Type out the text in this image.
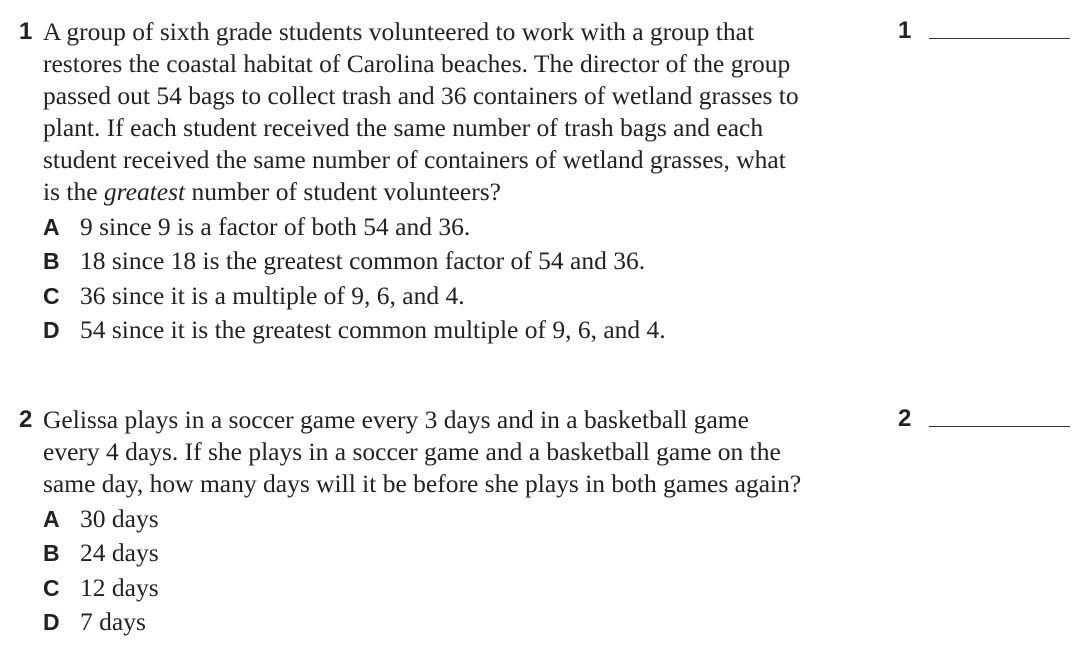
1 A group of sixth grade students volunteered to work with a group that
restores the coastal habitat of Carolina beaches. The director of the group
passed out 54 bags to collect trash and 36 containers of wetland grasses to
plant. If each student received the same number of trash bags and each
student received the same number of containers of wetland grasses, what
is the greatest number of student volunteers?

A 9 since 9 is a factor of both 54 and 36.
B 18 since 18 is the greatest common factor of 54 and 36.
C 36 since it is a multiple of 9, 6, and 4.
D 54 since it is the greatest common multiple of 9, 6, and 4.
1
2 Gelissa plays in a soccer game every 3 days and in a basketball game
every 4 days. If she plays in a soccer game and a basketball game on the
same day, how many days will it be before she plays in both games again?

A 30 days
B 24 days
C 12 days
D 7 days
2
